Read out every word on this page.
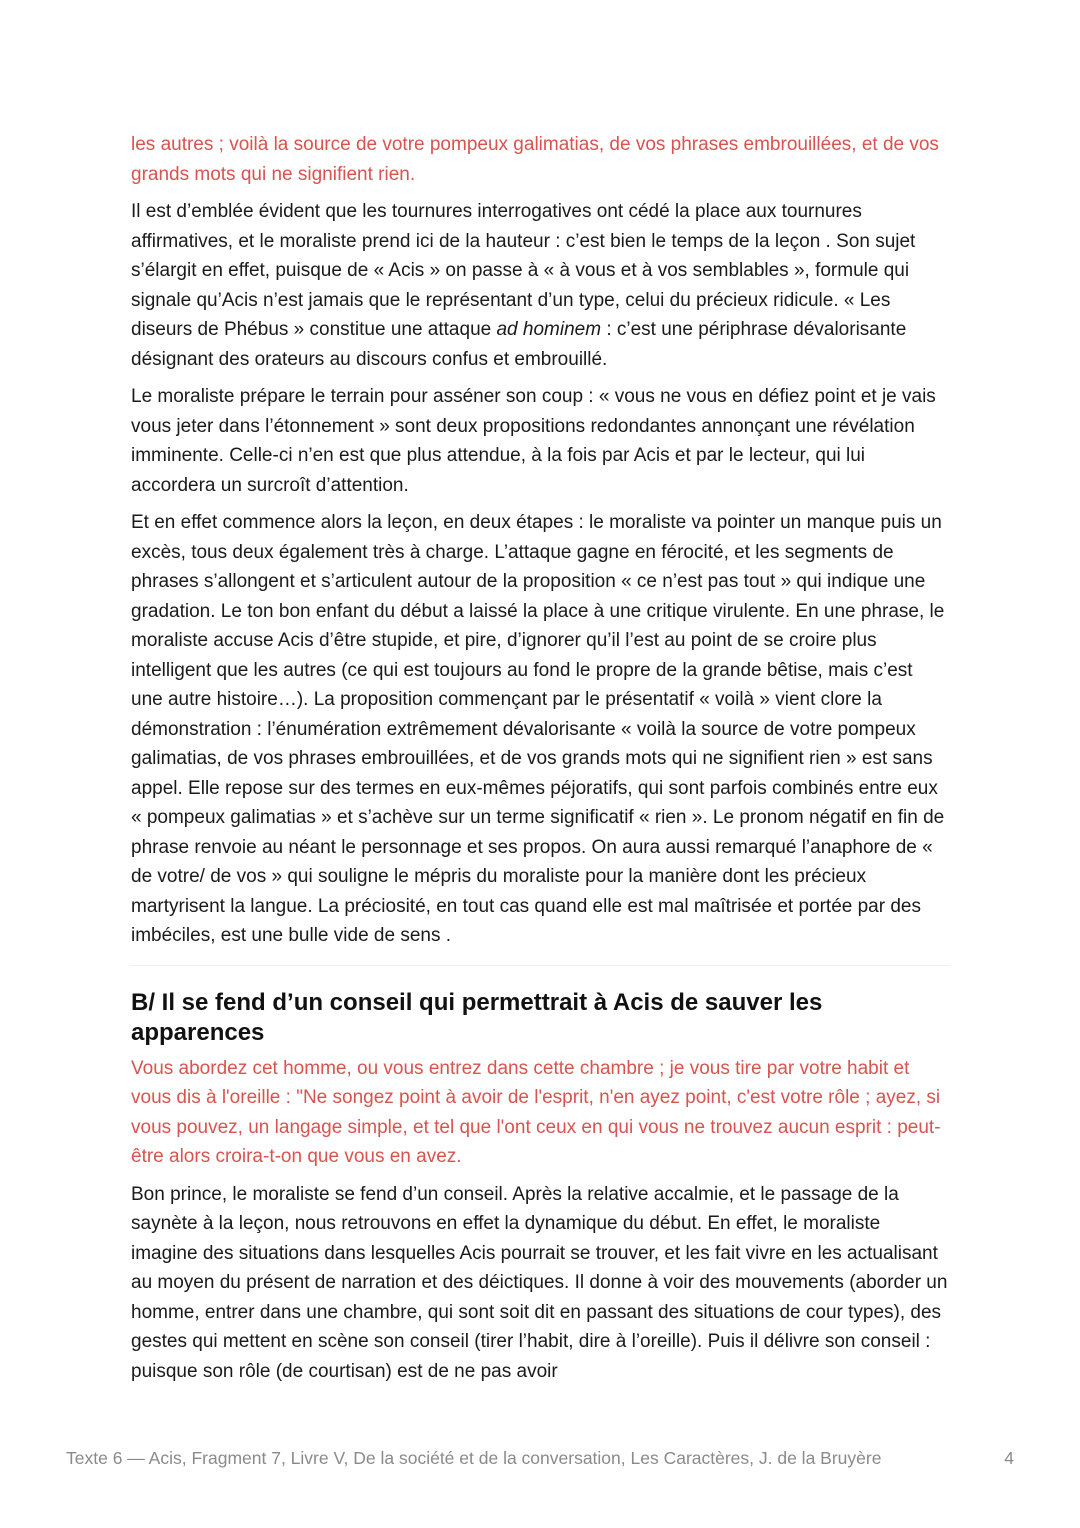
les autres ; voilà la source de votre pompeux galimatias, de vos phrases embrouillées, et de vos grands mots qui ne signifient rien.

Il est d’emblée évident que les tournures interrogatives ont cédé la place aux tournures affirmatives, et le moraliste prend ici de la hauteur : c’est bien le temps de la leçon . Son sujet s’élargit en effet, puisque de « Acis » on passe à « à vous et à vos semblables », formule qui signale qu’Acis n’est jamais que le représentant d’un type, celui du précieux ridicule. « Les diseurs de Phébus » constitue une attaque ad hominem : c’est une périphrase dévalorisante désignant des orateurs au discours confus et embrouillé.

Le moraliste prépare le terrain pour asséner son coup : « vous ne vous en défiez point et je vais vous jeter dans l’étonnement » sont deux propositions redondantes annonçant une révélation imminente. Celle-ci n’en est que plus attendue, à la fois par Acis et par le lecteur, qui lui accordera un surcroît d’attention.

Et en effet commence alors la leçon, en deux étapes : le moraliste va pointer un manque puis un excès, tous deux également très à charge. L’attaque gagne en férocité, et les segments de phrases s’allongent et s’articulent autour de la proposition « ce n’est pas tout » qui indique une gradation. Le ton bon enfant du début a laissé la place à une critique virulente. En une phrase, le moraliste accuse Acis d’être stupide, et pire, d’ignorer qu’il l’est au point de se croire plus intelligent que les autres (ce qui est toujours au fond le propre de la grande bêtise, mais c’est une autre histoire…). La proposition commençant par le présentatif « voilà » vient clore la démonstration : l’énumération extrêmement dévalorisante « voilà la source de votre pompeux galimatias, de vos phrases embrouillées, et de vos grands mots qui ne signifient rien » est sans appel. Elle repose sur des termes en eux-mêmes péjoratifs, qui sont parfois combinés entre eux « pompeux galimatias » et s’achève sur un terme significatif « rien ». Le pronom négatif en fin de phrase renvoie au néant le personnage et ses propos. On aura aussi remarqué l’anaphore de « de votre/ de vos » qui souligne le mépris du moraliste pour la manière dont les précieux martyrisent la langue. La préciosité, en tout cas quand elle est mal maîtrisée et portée par des imbéciles, est une bulle vide de sens .

B/ Il se fend d’un conseil qui permettrait à Acis de sauver les apparences

Vous abordez cet homme, ou vous entrez dans cette chambre ; je vous tire par votre habit et vous dis à l'oreille : "Ne songez point à avoir de l'esprit, n'en ayez point, c'est votre rôle ; ayez, si vous pouvez, un langage simple, et tel que l'ont ceux en qui vous ne trouvez aucun esprit : peut-être alors croira-t-on que vous en avez.

Bon prince, le moraliste se fend d’un conseil. Après la relative accalmie, et le passage de la saynète à la leçon, nous retrouvons en effet la dynamique du début. En effet, le moraliste imagine des situations dans lesquelles Acis pourrait se trouver, et les fait vivre en les actualisant au moyen du présent de narration et des déictiques. Il donne à voir des mouvements (aborder un homme, entrer dans une chambre, qui sont soit dit en passant des situations de cour types), des gestes qui mettent en scène son conseil (tirer l’habit, dire à l’oreille). Puis il délivre son conseil : puisque son rôle (de courtisan) est de ne pas avoir

Texte 6 — Acis, Fragment 7, Livre V, De la société et de la conversation, Les Caractères, J. de la Bruyère	4
